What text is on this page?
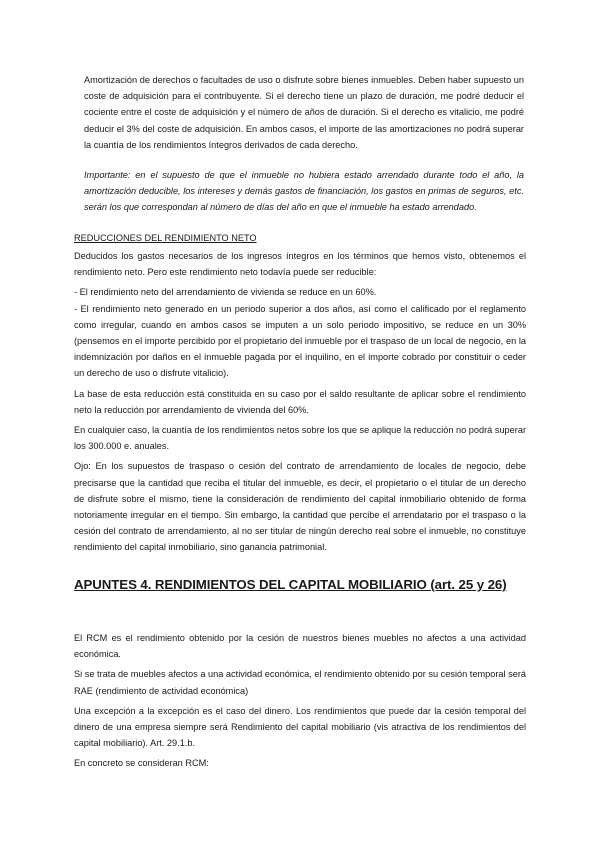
Amortización de derechos o facultades de uso o disfrute sobre bienes inmuebles. Deben haber supuesto un coste de adquisición para el contribuyente. Si el derecho tiene un plazo de duración, me podré deducir el cociente entre el coste de adquisición y el número de años de duración. Si el derecho es vitalicio, me podré deducir el 3% del coste de adquisición. En ambos casos, el importe de las amortizaciones no podrá superar la cuantía de los rendimientos íntegros derivados de cada derecho.

Importante: en el supuesto de que el inmueble no hubiera estado arrendado durante todo el año, la amortización deducible, los intereses y demás gastos de financiación, los gastos en primas de seguros, etc. serán los que correspondan al número de días del año en que el inmueble ha estado arrendado.

REDUCCIONES DEL RENDIMIENTO NETO

Deducidos los gastos necesarios de los ingresos íntegros en los términos que hemos visto, obtenemos el rendimiento neto. Pero este rendimiento neto todavía puede ser reducible:

- El rendimiento neto del arrendamiento de vivienda se reduce en un 60%.

- El rendimiento neto generado en un periodo superior a dos años, así como el calificado por el reglamento como irregular, cuando en ambos casos se imputen a un solo periodo impositivo, se reduce en un 30% (pensemos en el importe percibido por el propietario del inmueble por el traspaso de un local de negocio, en la indemnización por daños en el inmueble pagada por el inquilino, en el importe cobrado por constituir o ceder un derecho de uso o disfrute vitalicio).

La base de esta reducción está constituida en su caso por el saldo resultante de aplicar sobre el rendimiento neto la reducción por arrendamiento de vivienda del 60%.

En cualquier caso, la cuantía de los rendimientos netos sobre los que se aplique la reducción no podrá superar los 300.000 e. anuales.

Ojo: En los supuestos de traspaso o cesión del contrato de arrendamiento de locales de negocio, debe precisarse que la cantidad que reciba el titular del inmueble, es decir, el propietario o el titular de un derecho de disfrute sobre el mismo, tiene la consideración de rendimiento del capital inmobiliario obtenido de forma notoriamente irregular en el tiempo. Sin embargo, la cantidad que percibe el arrendatario por el traspaso o la cesión del contrato de arrendamiento, al no ser titular de ningún derecho real sobre el inmueble, no constituye rendimiento del capital inmobiliario, sino ganancia patrimonial.

APUNTES 4. RENDIMIENTOS DEL CAPITAL MOBILIARIO (art. 25 y 26)

El RCM es el rendimiento obtenido por la cesión de nuestros bienes muebles no afectos a una actividad económica.

Si se trata de muebles afectos a una actividad económica, el rendimiento obtenido por su cesión temporal será RAE (rendimiento de actividad económica)

Una excepción a la excepción es el caso del dinero. Los rendimientos que puede dar la cesión temporal del dinero de una empresa siempre será Rendimiento del capital mobiliario (vis atractiva de los rendimientos del capital mobiliario). Art. 29.1.b.

En concreto se consideran RCM:
